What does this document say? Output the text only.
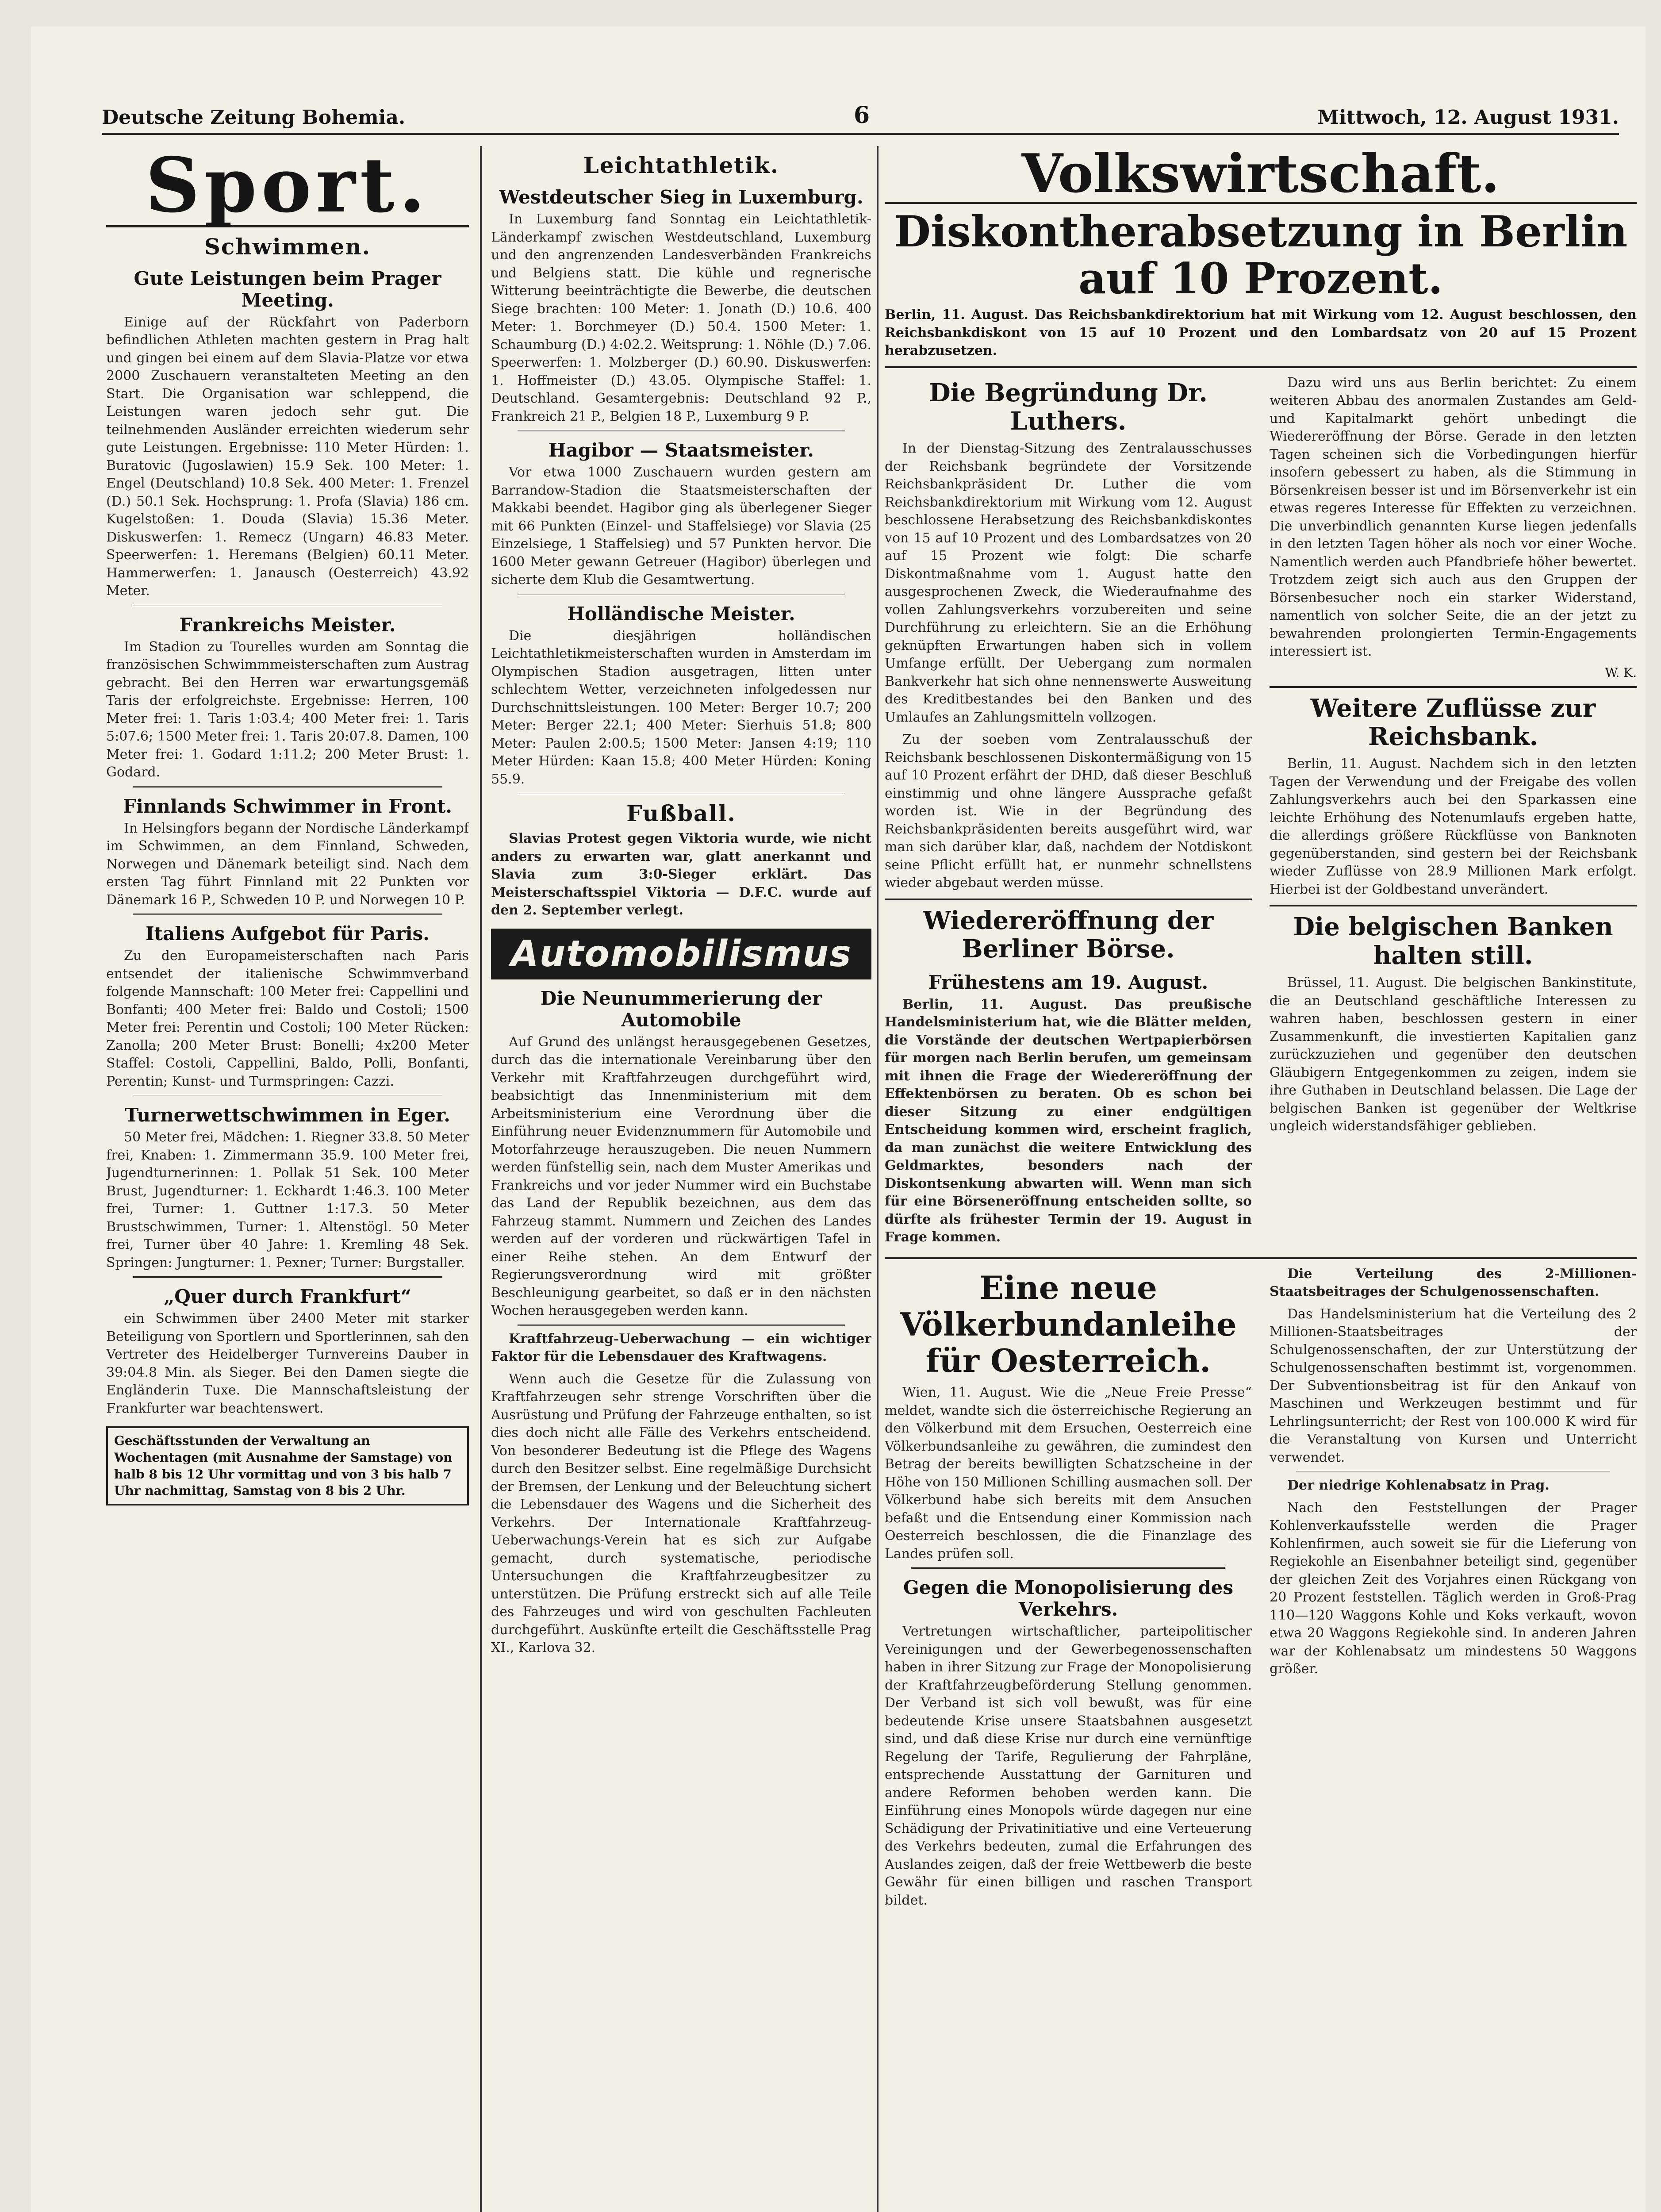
Deutsche Zeitung Bohemia.	6	Mittwoch, 12. August 1931.
Sport.
Schwimmen.
Gute Leistungen beim Prager Meeting.

Einige auf der Rückfahrt von Paderborn befindlichen Athleten machten gestern in Prag halt und gingen bei einem auf dem Slavia-Platze vor etwa 2000 Zuschauern veranstalteten Meeting an den Start. Die Organisation war schleppend, die Leistungen waren jedoch sehr gut. Die teilnehmenden Ausländer erreichten wiederum sehr gute Leistungen. Ergebnisse: 110 Meter Hürden: 1. Buratovic (Jugoslawien) 15.9 Sek. 100 Meter: 1. Engel (Deutschland) 10.8 Sek. 400 Meter: 1. Frenzel (D.) 50.1 Sek. Hochsprung: 1. Profa (Slavia) 186 cm. Kugelstoßen: 1. Douda (Slavia) 15.36 Meter. Diskuswerfen: 1. Remecz (Ungarn) 46.83 Meter. Speerwerfen: 1. Heremans (Belgien) 60.11 Meter. Hammerwerfen: 1. Janausch (Oesterreich) 43.92 Meter.

Frankreichs Meister.

Im Stadion zu Tourelles wurden am Sonntag die französischen Schwimmmeisterschaften zum Austrag gebracht. Bei den Herren war erwartungsgemäß Taris der erfolgreichste. Ergebnisse: Herren, 100 Meter frei: 1. Taris 1:03.4; 400 Meter frei: 1. Taris 5:07.6; 1500 Meter frei: 1. Taris 20:07.8. Damen, 100 Meter frei: 1. Godard 1:11.2; 200 Meter Brust: 1. Godard.

Finnlands Schwimmer in Front.

In Helsingfors begann der Nordische Länderkampf im Schwimmen, an dem Finnland, Schweden, Norwegen und Dänemark beteiligt sind. Nach dem ersten Tag führt Finnland mit 22 Punkten vor Dänemark 16 P., Schweden 10 P. und Norwegen 10 P.

Italiens Aufgebot für Paris.

Zu den Europameisterschaften nach Paris entsendet der italienische Schwimmverband folgende Mannschaft: 100 Meter frei: Cappellini und Bonfanti; 400 Meter frei: Baldo und Costoli; 1500 Meter frei: Perentin und Costoli; 100 Meter Rücken: Zanolla; 200 Meter Brust: Bonelli; 4x200 Meter Staffel: Costoli, Cappellini, Baldo, Polli, Bonfanti, Perentin; Kunst- und Turmspringen: Cazzi.

Turnerwettschwimmen in Eger.

50 Meter frei, Mädchen: 1. Riegner 33.8. 50 Meter frei, Knaben: 1. Zimmermann 35.9. 100 Meter frei, Jugendturnerinnen: 1. Pollak 51 Sek. 100 Meter Brust, Jugendturner: 1. Eckhardt 1:46.3. 100 Meter frei, Turner: 1. Guttner 1:17.3. 50 Meter Brustschwimmen, Turner: 1. Altenstögl. 50 Meter frei, Turner über 40 Jahre: 1. Kremling 48 Sek. Springen: Jungturner: 1. Pexner; Turner: Burgstaller.

„Quer durch Frankfurt“

ein Schwimmen über 2400 Meter mit starker Beteiligung von Sportlern und Sportlerinnen, sah den Vertreter des Heidelberger Turnvereins Dauber in 39:04.8 Min. als Sieger. Bei den Damen siegte die Engländerin Tuxe. Die Mannschaftsleistung der Frankfurter war beachtenswert.

Geschäftsstunden der Verwaltung an Wochentagen (mit Ausnahme der Samstage) von halb 8 bis 12 Uhr vormittag und von 3 bis halb 7 Uhr nachmittag, Samstag von 8 bis 2 Uhr.
Leichtathletik.
Westdeutscher Sieg in Luxemburg.

In Luxemburg fand Sonntag ein Leichtathletik-Länderkampf zwischen Westdeutschland, Luxemburg und den angrenzenden Landesverbänden Frankreichs und Belgiens statt. Die kühle und regnerische Witterung beeinträchtigte die Bewerbe, die deutschen Siege brachten: 100 Meter: 1. Jonath (D.) 10.6. 400 Meter: 1. Borchmeyer (D.) 50.4. 1500 Meter: 1. Schaumburg (D.) 4:02.2. Weitsprung: 1. Nöhle (D.) 7.06. Speerwerfen: 1. Molzberger (D.) 60.90. Diskuswerfen: 1. Hoffmeister (D.) 43.05. Olympische Staffel: 1. Deutschland. Gesamtergebnis: Deutschland 92 P., Frankreich 21 P., Belgien 18 P., Luxemburg 9 P.

Hagibor — Staatsmeister.

Vor etwa 1000 Zuschauern wurden gestern am Barrandow-Stadion die Staatsmeisterschaften der Makkabi beendet. Hagibor ging als überlegener Sieger mit 66 Punkten (Einzel- und Staffelsiege) vor Slavia (25 Einzelsiege, 1 Staffelsieg) und 57 Punkten hervor. Die 1600 Meter gewann Getreuer (Hagibor) überlegen und sicherte dem Klub die Gesamtwertung.

Holländische Meister.

Die diesjährigen holländischen Leichtathletikmeisterschaften wurden in Amsterdam im Olympischen Stadion ausgetragen, litten unter schlechtem Wetter, verzeichneten infolgedessen nur Durchschnittsleistungen. 100 Meter: Berger 10.7; 200 Meter: Berger 22.1; 400 Meter: Sierhuis 51.8; 800 Meter: Paulen 2:00.5; 1500 Meter: Jansen 4:19; 110 Meter Hürden: Kaan 15.8; 400 Meter Hürden: Koning 55.9.

Fußball.

Slavias Protest gegen Viktoria wurde, wie nicht anders zu erwarten war, glatt anerkannt und Slavia zum 3:0-Sieger erklärt. Das Meisterschaftsspiel Viktoria — D.F.C. wurde auf den 2. September verlegt.

Automobilismus
Die Neunummerierung der Automobile

Auf Grund des unlängst herausgegebenen Gesetzes, durch das die internationale Vereinbarung über den Verkehr mit Kraftfahrzeugen durchgeführt wird, beabsichtigt das Innenministerium mit dem Arbeitsministerium eine Verordnung über die Einführung neuer Evidenznummern für Automobile und Motorfahrzeuge herauszugeben. Die neuen Nummern werden fünfstellig sein, nach dem Muster Amerikas und Frankreichs und vor jeder Nummer wird ein Buchstabe das Land der Republik bezeichnen, aus dem das Fahrzeug stammt. Nummern und Zeichen des Landes werden auf der vorderen und rückwärtigen Tafel in einer Reihe stehen. An dem Entwurf der Regierungsverordnung wird mit größter Beschleunigung gearbeitet, so daß er in den nächsten Wochen herausgegeben werden kann.

Kraftfahrzeug-Ueberwachung — ein wichtiger Faktor für die Lebensdauer des Kraftwagens.

Wenn auch die Gesetze für die Zulassung von Kraftfahrzeugen sehr strenge Vorschriften über die Ausrüstung und Prüfung der Fahrzeuge enthalten, so ist dies doch nicht alle Fälle des Verkehrs entscheidend. Von besonderer Bedeutung ist die Pflege des Wagens durch den Besitzer selbst. Eine regelmäßige Durchsicht der Bremsen, der Lenkung und der Beleuchtung sichert die Lebensdauer des Wagens und die Sicherheit des Verkehrs. Der Internationale Kraftfahrzeug-Ueberwachungs-Verein hat es sich zur Aufgabe gemacht, durch systematische, periodische Untersuchungen die Kraftfahrzeugbesitzer zu unterstützen. Die Prüfung erstreckt sich auf alle Teile des Fahrzeuges und wird von geschulten Fachleuten durchgeführt. Auskünfte erteilt die Geschäftsstelle Prag XI., Karlova 32.

Volkswirtschaft.
Diskontherabsetzung in Berlin auf 10 Prozent.

Berlin, 11. August. Das Reichsbankdirektorium hat mit Wirkung vom 12. August beschlossen, den Reichsbankdiskont von 15 auf 10 Prozent und den Lombardsatz von 20 auf 15 Prozent herabzusetzen.

Die Begründung Dr. Luthers.

In der Dienstag-Sitzung des Zentralausschusses der Reichsbank begründete der Vorsitzende Reichsbankpräsident Dr. Luther die vom Reichsbankdirektorium mit Wirkung vom 12. August beschlossene Herabsetzung des Reichsbankdiskontes von 15 auf 10 Prozent und des Lombardsatzes von 20 auf 15 Prozent wie folgt: Die scharfe Diskontmaßnahme vom 1. August hatte den ausgesprochenen Zweck, die Wiederaufnahme des vollen Zahlungsverkehrs vorzubereiten und seine Durchführung zu erleichtern. Sie an die Erhöhung geknüpften Erwartungen haben sich in vollem Umfange erfüllt. Der Uebergang zum normalen Bankverkehr hat sich ohne nennenswerte Ausweitung des Kreditbestandes bei den Banken und des Umlaufes an Zahlungsmitteln vollzogen.

Zu der soeben vom Zentralausschuß der Reichsbank beschlossenen Diskontermäßigung von 15 auf 10 Prozent erfährt der DHD, daß dieser Beschluß einstimmig und ohne längere Aussprache gefaßt worden ist. Wie in der Begründung des Reichsbankpräsidenten bereits ausgeführt wird, war man sich darüber klar, daß, nachdem der Notdiskont seine Pflicht erfüllt hat, er nunmehr schnellstens wieder abgebaut werden müsse.

Wiedereröffnung der Berliner Börse.
Frühestens am 19. August.

Berlin, 11. August. Das preußische Handelsministerium hat, wie die Blätter melden, die Vorstände der deutschen Wertpapierbörsen für morgen nach Berlin berufen, um gemeinsam mit ihnen die Frage der Wiedereröffnung der Effektenbörsen zu beraten. Ob es schon bei dieser Sitzung zu einer endgültigen Entscheidung kommen wird, erscheint fraglich, da man zunächst die weitere Entwicklung des Geldmarktes, besonders nach der Diskontsenkung abwarten will. Wenn man sich für eine Börseneröffnung entscheiden sollte, so dürfte als frühester Termin der 19. August in Frage kommen.

Dazu wird uns aus Berlin berichtet: Zu einem weiteren Abbau des anormalen Zustandes am Geld- und Kapitalmarkt gehört unbedingt die Wiedereröffnung der Börse. Gerade in den letzten Tagen scheinen sich die Vorbedingungen hierfür insofern gebessert zu haben, als die Stimmung in Börsenkreisen besser ist und im Börsenverkehr ist ein etwas regeres Interesse für Effekten zu verzeichnen. Die unverbindlich genannten Kurse liegen jedenfalls in den letzten Tagen höher als noch vor einer Woche. Namentlich werden auch Pfandbriefe höher bewertet. Trotzdem zeigt sich auch aus den Gruppen der Börsenbesucher noch ein starker Widerstand, namentlich von solcher Seite, die an der jetzt zu bewahrenden prolongierten Termin-Engagements interessiert ist.

W. K.
Weitere Zuflüsse zur Reichsbank.

Berlin, 11. August. Nachdem sich in den letzten Tagen der Verwendung und der Freigabe des vollen Zahlungsverkehrs auch bei den Sparkassen eine leichte Erhöhung des Notenumlaufs ergeben hatte, die allerdings größere Rückflüsse von Banknoten gegenüberstanden, sind gestern bei der Reichsbank wieder Zuflüsse von 28.9 Millionen Mark erfolgt. Hierbei ist der Goldbestand unverändert.

Die belgischen Banken halten still.

Brüssel, 11. August. Die belgischen Bankinstitute, die an Deutschland geschäftliche Interessen zu wahren haben, beschlossen gestern in einer Zusammenkunft, die investierten Kapitalien ganz zurückzuziehen und gegenüber den deutschen Gläubigern Entgegenkommen zu zeigen, indem sie ihre Guthaben in Deutschland belassen. Die Lage der belgischen Banken ist gegenüber der Weltkrise ungleich widerstandsfähiger geblieben.

Eine neue Völkerbundanleihe für Oesterreich.

Wien, 11. August. Wie die „Neue Freie Presse“ meldet, wandte sich die österreichische Regierung an den Völkerbund mit dem Ersuchen, Oesterreich eine Völkerbundsanleihe zu gewähren, die zumindest den Betrag der bereits bewilligten Schatzscheine in der Höhe von 150 Millionen Schilling ausmachen soll. Der Völkerbund habe sich bereits mit dem Ansuchen befaßt und die Entsendung einer Kommission nach Oesterreich beschlossen, die die Finanzlage des Landes prüfen soll.

Gegen die Monopolisierung des Verkehrs.

Vertretungen wirtschaftlicher, parteipolitischer Vereinigungen und der Gewerbegenossenschaften haben in ihrer Sitzung zur Frage der Monopolisierung der Kraftfahrzeugbeförderung Stellung genommen. Der Verband ist sich voll bewußt, was für eine bedeutende Krise unsere Staatsbahnen ausgesetzt sind, und daß diese Krise nur durch eine vernünftige Regelung der Tarife, Regulierung der Fahrpläne, entsprechende Ausstattung der Garnituren und andere Reformen behoben werden kann. Die Einführung eines Monopols würde dagegen nur eine Schädigung der Privatinitiative und eine Verteuerung des Verkehrs bedeuten, zumal die Erfahrungen des Auslandes zeigen, daß der freie Wettbewerb die beste Gewähr für einen billigen und raschen Transport bildet.

Die Verteilung des 2-Millionen-Staatsbeitrages der Schulgenossenschaften.

Das Handelsministerium hat die Verteilung des 2 Millionen-Staatsbeitrages der Schulgenossenschaften, der zur Unterstützung der Schulgenossenschaften bestimmt ist, vorgenommen. Der Subventionsbeitrag ist für den Ankauf von Maschinen und Werkzeugen bestimmt und für Lehrlingsunterricht; der Rest von 100.000 K wird für die Veranstaltung von Kursen und Unterricht verwendet.

Der niedrige Kohlenabsatz in Prag.

Nach den Feststellungen der Prager Kohlenverkaufsstelle werden die Prager Kohlenfirmen, auch soweit sie für die Lieferung von Regiekohle an Eisenbahner beteiligt sind, gegenüber der gleichen Zeit des Vorjahres einen Rückgang von 20 Prozent feststellen. Täglich werden in Groß-Prag 110—120 Waggons Kohle und Koks verkauft, wovon etwa 20 Waggons Regiekohle sind. In anderen Jahren war der Kohlenabsatz um mindestens 50 Waggons größer.
